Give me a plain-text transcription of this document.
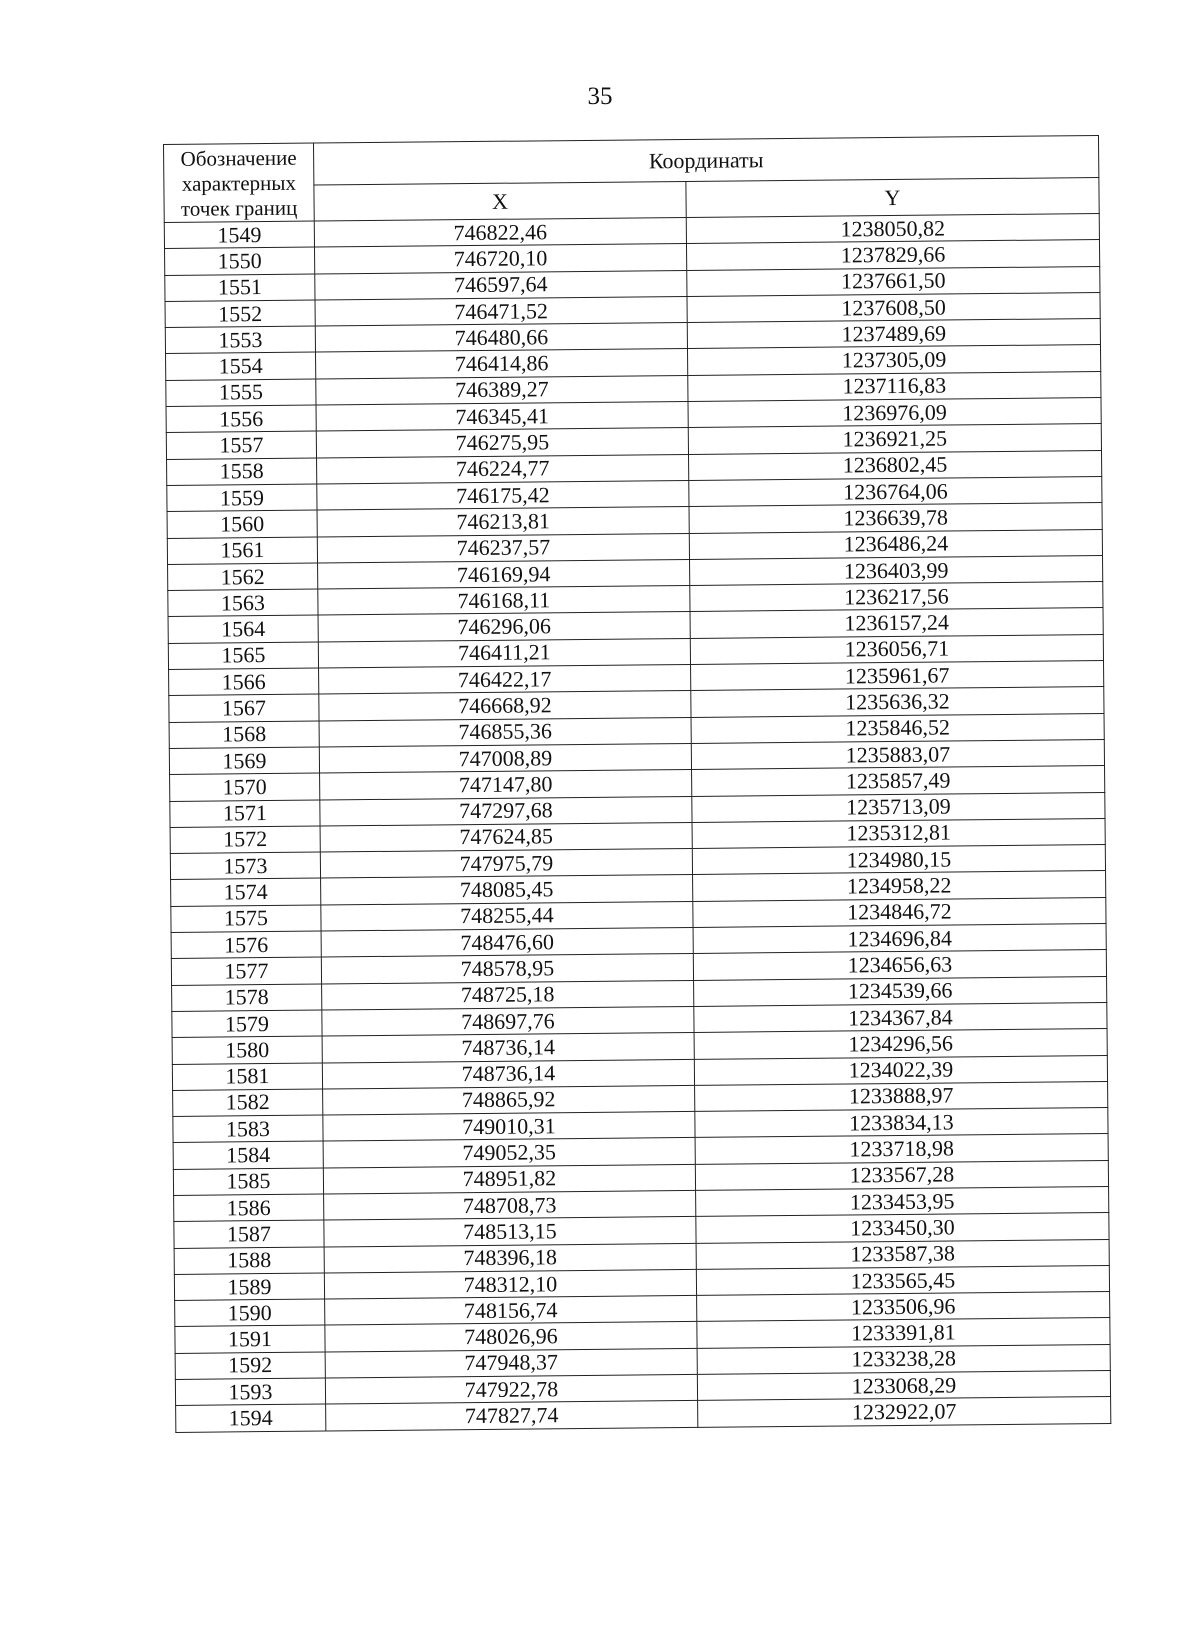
35
Обозначение характерных точек границ	Координаты	
	X	Y
1549	746822,46	1238050,82
1550	746720,10	1237829,66
1551	746597,64	1237661,50
1552	746471,52	1237608,50
1553	746480,66	1237489,69
1554	746414,86	1237305,09
1555	746389,27	1237116,83
1556	746345,41	1236976,09
1557	746275,95	1236921,25
1558	746224,77	1236802,45
1559	746175,42	1236764,06
1560	746213,81	1236639,78
1561	746237,57	1236486,24
1562	746169,94	1236403,99
1563	746168,11	1236217,56
1564	746296,06	1236157,24
1565	746411,21	1236056,71
1566	746422,17	1235961,67
1567	746668,92	1235636,32
1568	746855,36	1235846,52
1569	747008,89	1235883,07
1570	747147,80	1235857,49
1571	747297,68	1235713,09
1572	747624,85	1235312,81
1573	747975,79	1234980,15
1574	748085,45	1234958,22
1575	748255,44	1234846,72
1576	748476,60	1234696,84
1577	748578,95	1234656,63
1578	748725,18	1234539,66
1579	748697,76	1234367,84
1580	748736,14	1234296,56
1581	748736,14	1234022,39
1582	748865,92	1233888,97
1583	749010,31	1233834,13
1584	749052,35	1233718,98
1585	748951,82	1233567,28
1586	748708,73	1233453,95
1587	748513,15	1233450,30
1588	748396,18	1233587,38
1589	748312,10	1233565,45
1590	748156,74	1233506,96
1591	748026,96	1233391,81
1592	747948,37	1233238,28
1593	747922,78	1233068,29
1594	747827,74	1232922,07
